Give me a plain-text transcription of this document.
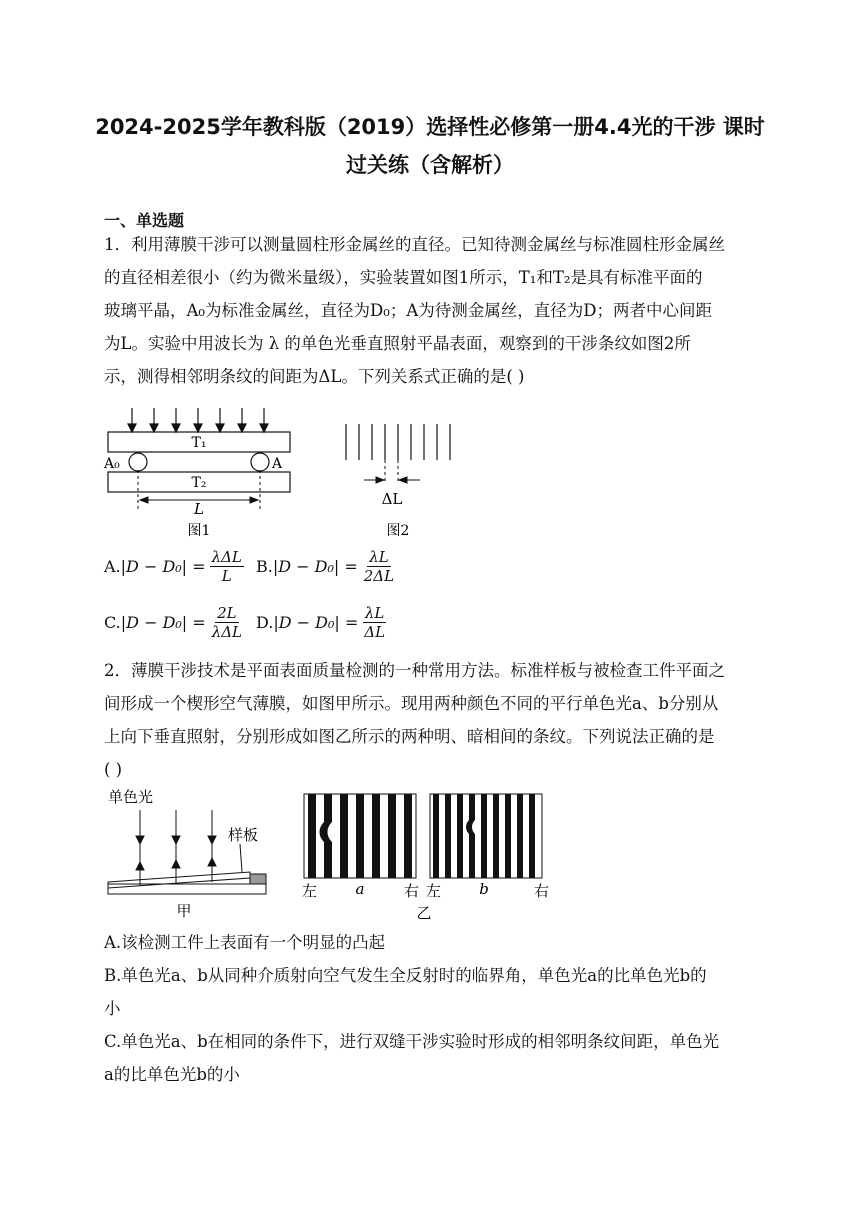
2024-2025学年教科版（2019）选择性必修第一册4.4光的干涉 课时
过关练（含解析）
一、单选题
1．利用薄膜干涉可以测量圆柱形金属丝的直径。已知待测金属丝与标准圆柱形金属丝
的直径相差很小（约为微米量级），实验装置如图1所示，T₁和T₂是具有标准平面的
玻璃平晶，A₀为标准金属丝，直径为D₀；A为待测金属丝，直径为D；两者中心间距
为L。实验中用波长为 λ 的单色光垂直照射平晶表面，观察到的干涉条纹如图2所
示，测得相邻明条纹的间距为ΔL。下列关系式正确的是( )
T₁
A₀	A
T₂
L
图1
ΔL
图2
A. $|D - D_0| = \frac{\text{λΔL}}{L} B$. $|D - D_0| = \frac{\lambda L}{2\Delta L}$
C. $|D - D_0| = \frac{2L}{\text{λΔL}} D$. $|D - D_0| = \frac{\lambda L}{\Delta L}$
2．薄膜干涉技术是平面表面质量检测的一种常用方法。标准样板与被检查工件平面之
间形成一个楔形空气薄膜，如图甲所示。现用两种颜色不同的平行单色光a、b分别从
上向下垂直照射，分别形成如图乙所示的两种明、暗相间的条纹。下列说法正确的是
( )
单色光
样板
甲
左	a	右 左	b	右
乙
A.该检测工件上表面有一个明显的凸起
B.单色光a、b从同种介质射向空气发生全反射时的临界角，单色光a的比单色光b的
小
C.单色光a、b在相同的条件下，进行双缝干涉实验时形成的相邻明条纹间距，单色光
a的比单色光b的小
